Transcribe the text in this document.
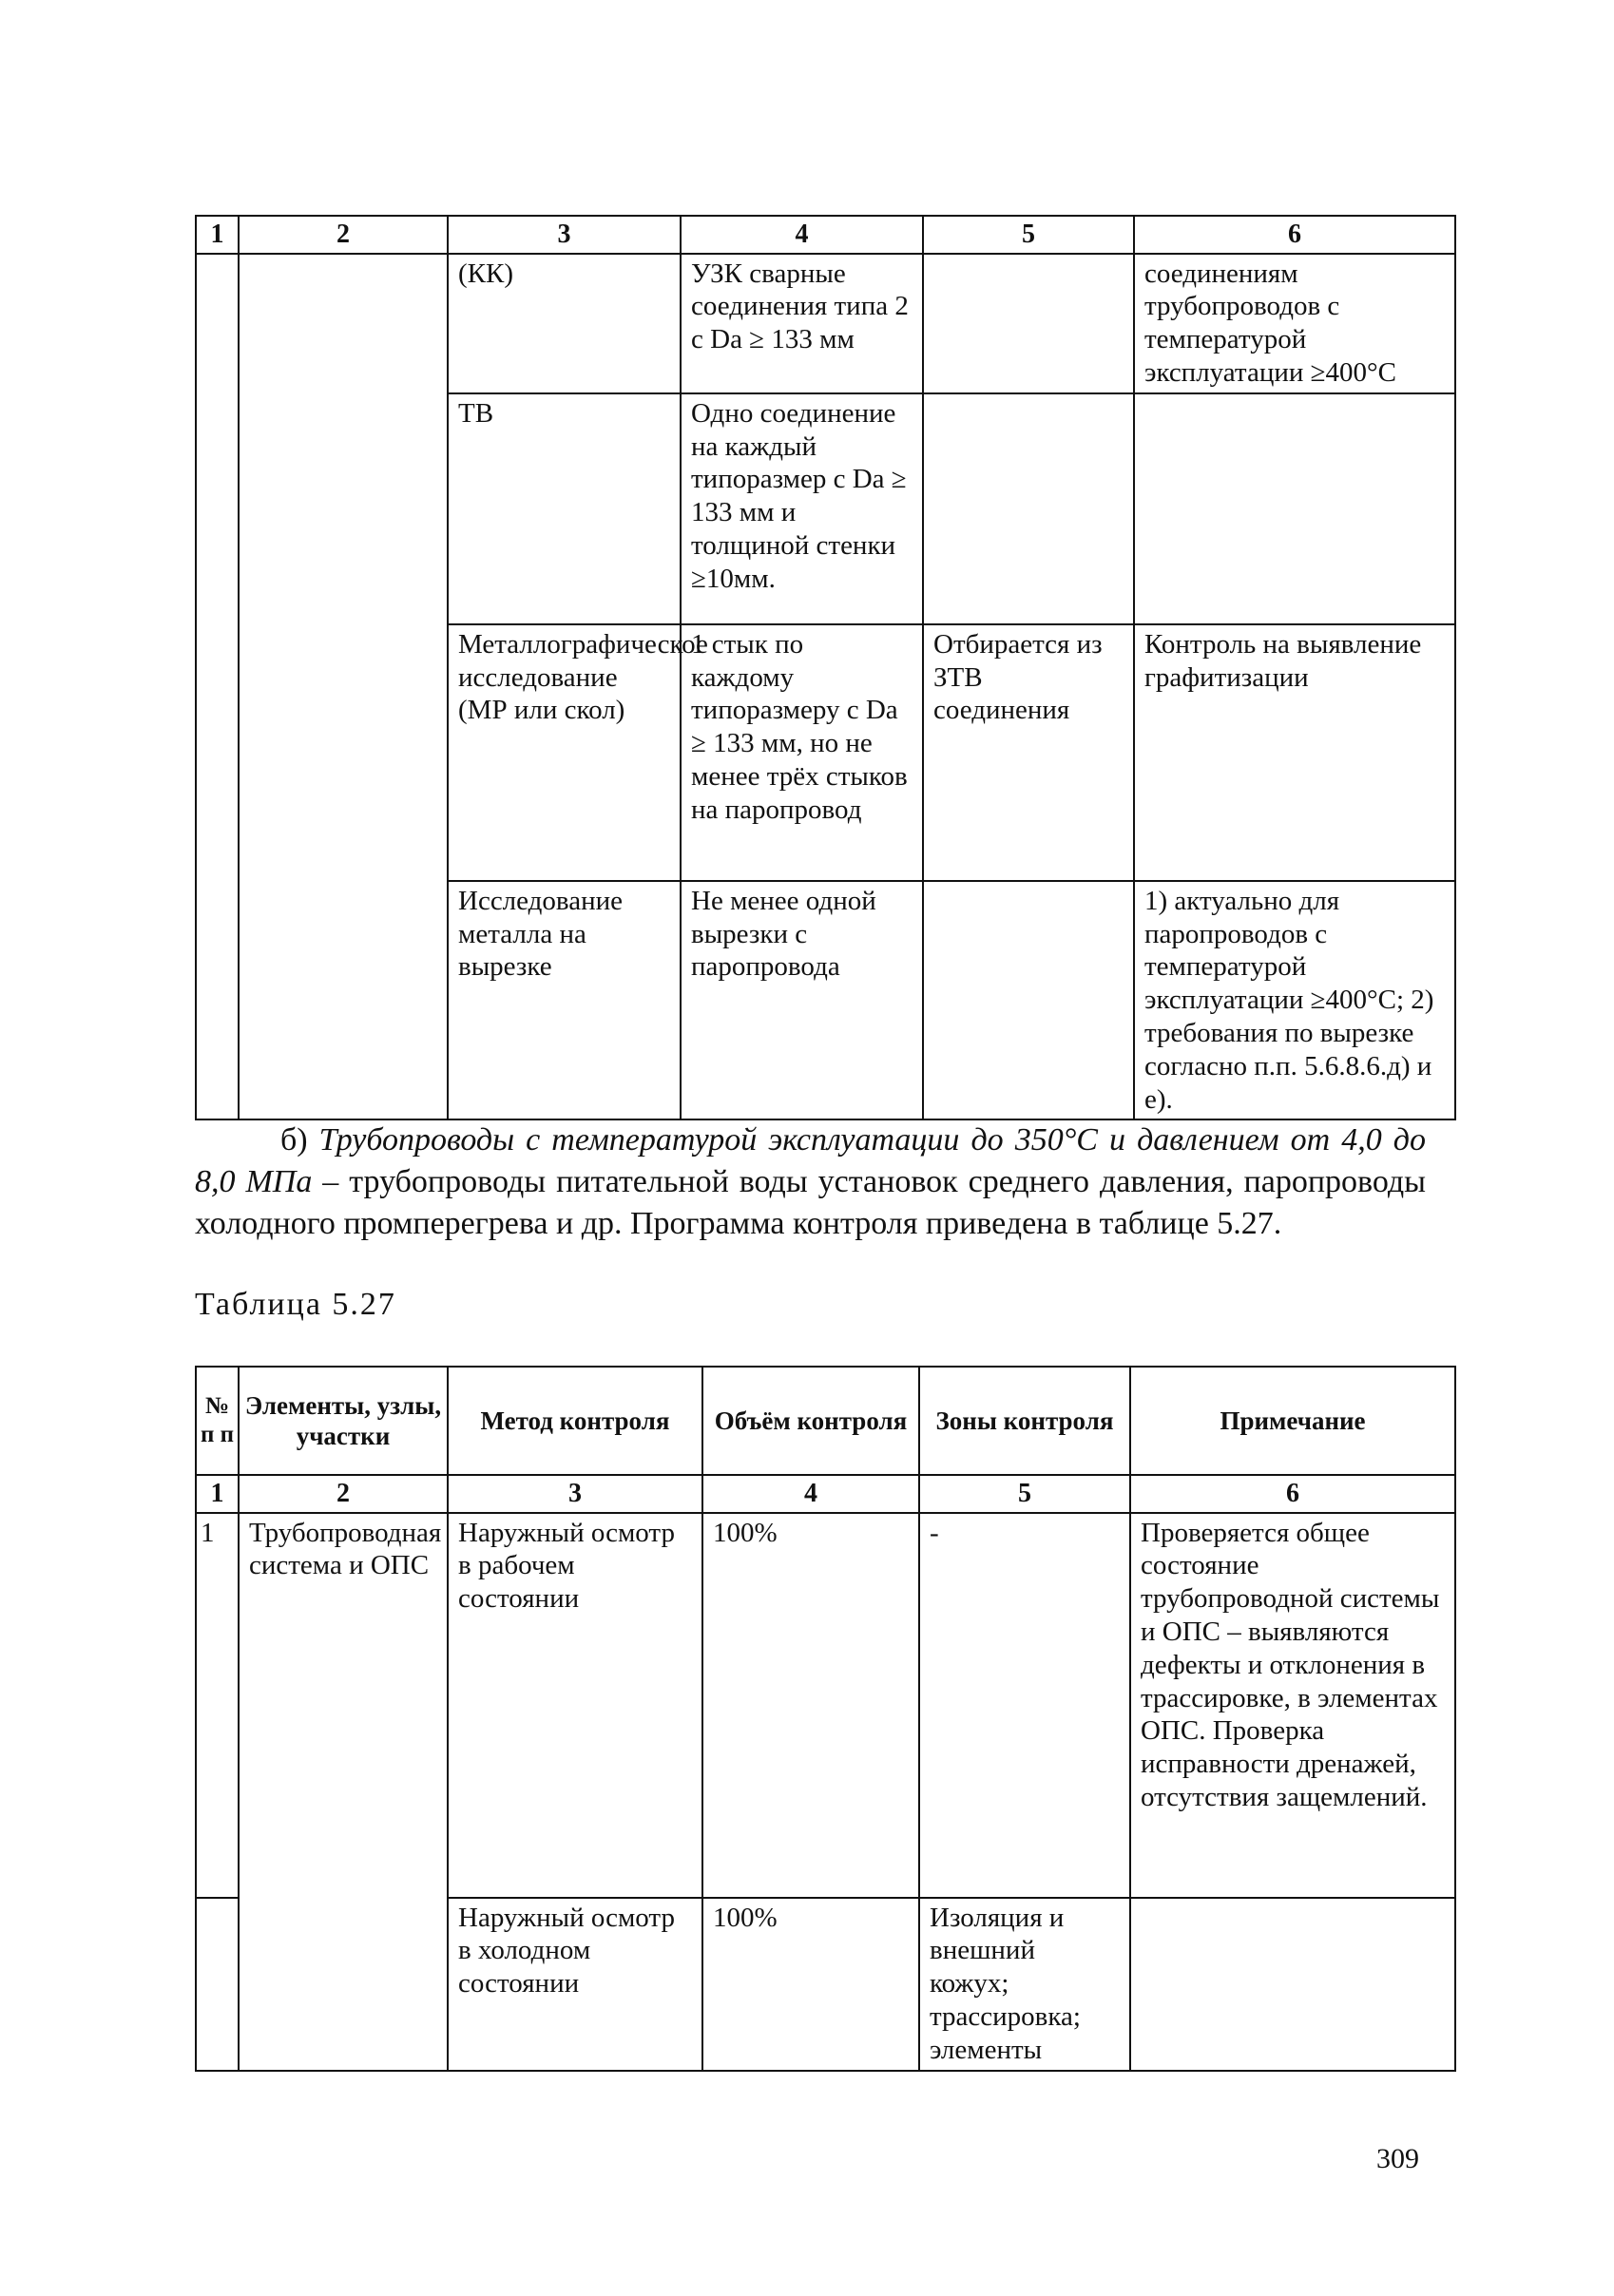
1	2	3	4	5	6
		(КК)	УЗК сварные соединения типа 2 с Da ≥ 133 мм		соединениям трубопроводов с температурой эксплуатации ≥400°С
		ТВ	Одно соединение на каждый типоразмер с Da ≥ 133 мм и толщиной стенки ≥10мм.		
		Металлографическое исследование (МР или скол)	1 стык по каждому типоразмеру с Da ≥ 133 мм, но не менее трёх стыков на паропровод	Отбирается из ЗТВ соединения	Контроль на выявление графитизации
		Исследование металла на вырезке	Не менее одной вырезки с паропровода		1) актуально для паропроводов с температурой эксплуатации ≥400°С; 2) требования по вырезке согласно п.п. 5.6.8.6.д) и е).

б) Трубопроводы с температурой эксплуатации до 350°С и давлением от 4,0 до 8,0 МПа – трубопроводы питательной воды установок среднего давления, паропроводы холодного промперегрева и др. Программа контроля приведена в таблице 5.27.

Таблица 5.27
№ п п	Элементы, узлы, участки	Метод контроля	Объём контроля	Зоны контроля	Примечание
1	2	3	4	5	6
1	Трубопроводная система и ОПС	Наружный осмотр в рабочем состоянии	100%	-	Проверяется общее состояние трубопроводной системы и ОПС – выявляются дефекты и отклонения в трассировке, в элементах ОПС. Проверка исправности дренажей, отсутствия защемлений.
		Наружный осмотр в холодном состоянии	100%	Изоляция и внешний кожух; трассировка; элементы	
309
